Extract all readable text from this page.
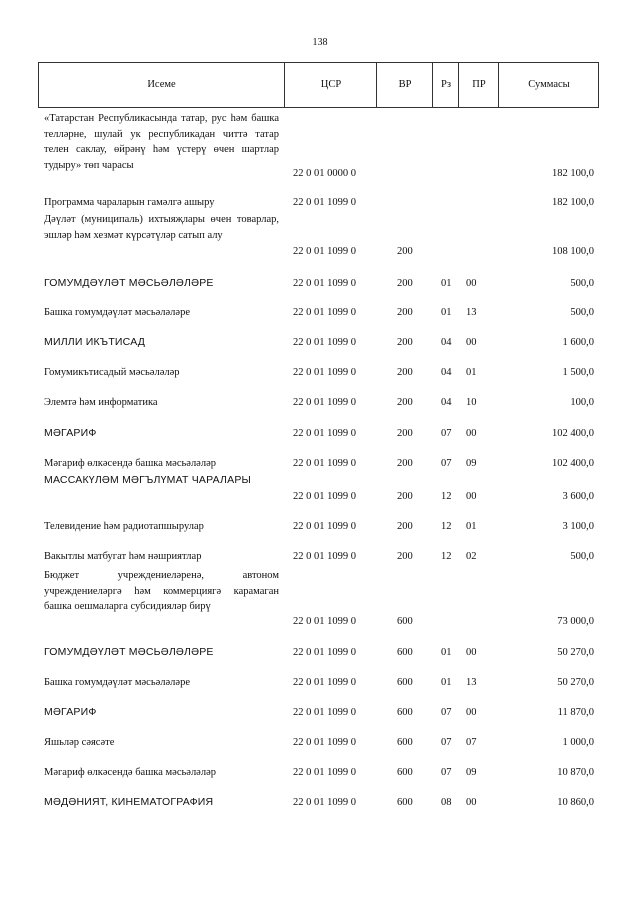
138
Исеме	ЦСР	ВР	Рз	ПР	Суммасы
«Татарстан Республикасында татар, рус һәм башка телләрне, шулай ук республикадан читтә татар телен саклау, өйрәнү һәм үстерү өчен шартлар тудыру» төп чарасы
22 0 01 0000 0	182 100,0
Программа чараларын гамәлгә ашыру	22 0 01 1099 0	182 100,0
Дәүләт (муниципаль) ихтыяҗлары өчен товарлар, эшләр һәм хезмәт күрсәтүләр сатып алу
22 0 01 1099 0	200	108 100,0
ГОМУМДӘҮЛӘТ МӘСЬӘЛӘЛӘРЕ	22 0 01 1099 0	200	01 00	500,0
Башка гомумдәүләт мәсьәләләре	22 0 01 1099 0	200	01 13	500,0
МИЛЛИ ИКЪТИСАД	22 0 01 1099 0	200	04 00	1 600,0
Гомумикътисадый мәсьәләләр	22 0 01 1099 0	200	04 01	1 500,0
Элемтә һәм информатика	22 0 01 1099 0	200	04 10	100,0
МӘГАРИФ	22 0 01 1099 0	200	07 00	102 400,0
Мәгариф өлкәсендә башка мәсьәләләр	22 0 01 1099 0	200	07 09	102 400,0
МАССАКҮЛӘМ МӘГЪЛҮМАТ ЧАРАЛАРЫ
22 0 01 1099 0	200	12 00	3 600,0
Телевидение һәм радиотапшырулар	22 0 01 1099 0	200	12 01	3 100,0
Вакытлы матбугат һәм нәшриятлар	22 0 01 1099 0	200	12 02	500,0
Бюджет учреждениеләренә, автоном учреждениеләргә һәм коммерциягә карамаган башка оешмаларга субсидияләр бирү
22 0 01 1099 0	600	73 000,0
ГОМУМДӘҮЛӘТ МӘСЬӘЛӘЛӘРЕ	22 0 01 1099 0	600	01 00	50 270,0
Башка гомумдәүләт мәсьәләләре	22 0 01 1099 0	600	01 13	50 270,0
МӘГАРИФ	22 0 01 1099 0	600	07 00	11 870,0
Яшьләр сәясәте	22 0 01 1099 0	600	07 07	1 000,0
Мәгариф өлкәсендә башка мәсьәләләр	22 0 01 1099 0	600	07 09	10 870,0
МӘДӘНИЯТ, КИНЕМАТОГРАФИЯ	22 0 01 1099 0	600	08 00	10 860,0
